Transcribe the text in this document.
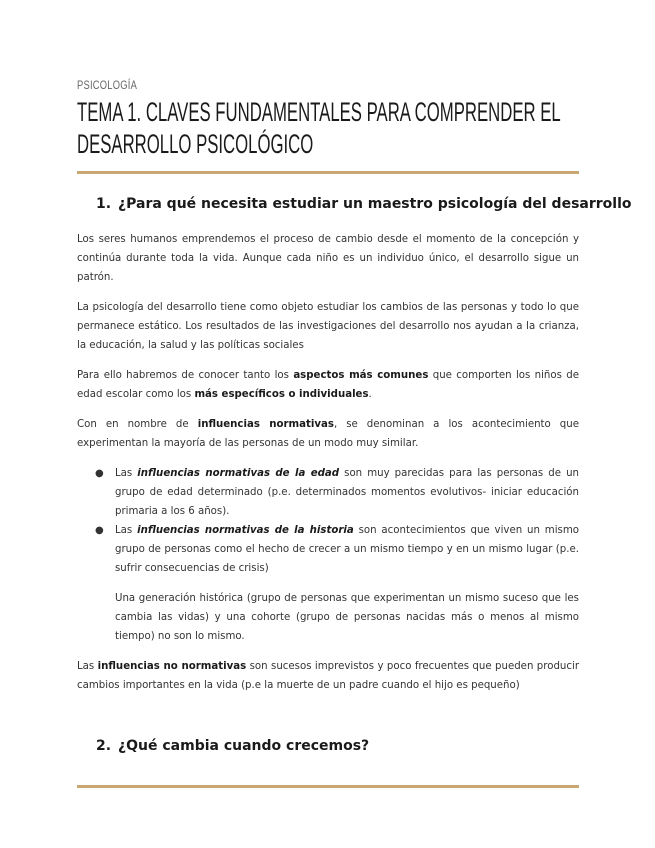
PSICOLOGÍA
TEMA 1. CLAVES FUNDAMENTALES PARA COMPRENDER EL
DESARROLLO PSICOLÓGICO
1. ¿Para qué necesita estudiar un maestro psicología del desarrollo

Los seres humanos emprendemos el proceso de cambio desde el momento de la concepción y continúa durante toda la vida. Aunque cada niño es un individuo único, el desarrollo sigue un patrón.

La psicología del desarrollo tiene como objeto estudiar los cambios de las personas y todo lo que permanece estático. Los resultados de las investigaciones del desarrollo nos ayudan a la crianza, la educación, la salud y las políticas sociales

Para ello habremos de conocer tanto los aspectos más comunes que comporten los niños de edad escolar como los más específicos o individuales.

Con en nombre de influencias normativas, se denominan a los acontecimiento que experimentan la mayoría de las personas de un modo muy similar.

● Las influencias normativas de la edad son muy parecidas para las personas de un grupo de edad determinado (p.e. determinados momentos evolutivos- iniciar educación primaria a los 6 años).
● Las influencias normativas de la historia son acontecimientos que viven un mismo grupo de personas como el hecho de crecer a un mismo tiempo y en un mismo lugar (p.e. sufrir consecuencias de crisis)

Una generación histórica (grupo de personas que experimentan un mismo suceso que les cambia las vidas) y una cohorte (grupo de personas nacidas más o menos al mismo tiempo) no son lo mismo.

Las influencias no normativas son sucesos imprevistos y poco frecuentes que pueden producir cambios importantes en la vida (p.e la muerte de un padre cuando el hijo es pequeño)

2. ¿Qué cambia cuando crecemos?
